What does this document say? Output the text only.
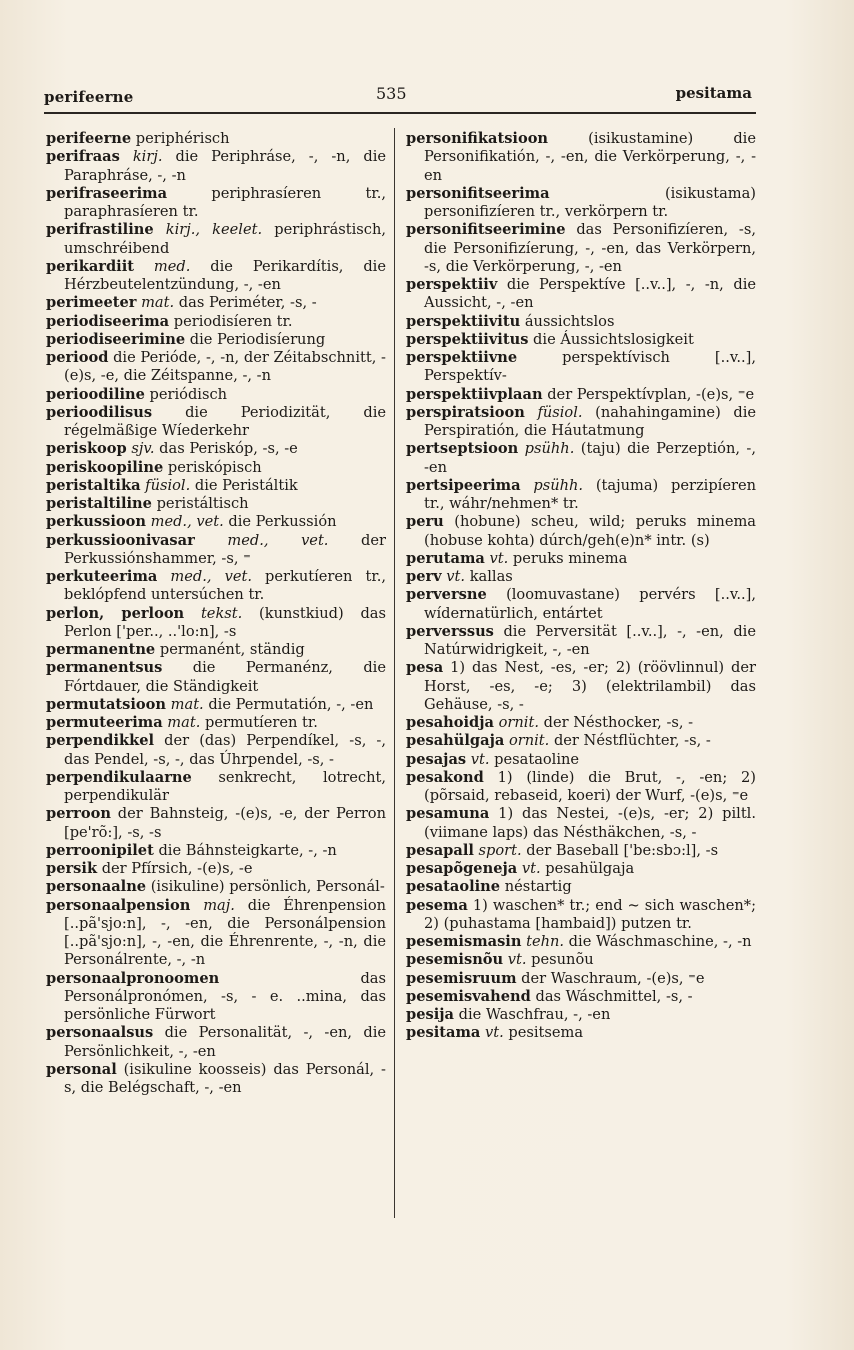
perifeerne	535	pesitama

perifeerne periphérisch

perifraas kirj. die Periphráse, -, -n, die Paraphráse, -, -n

perifraseerima periphrasíeren tr., paraphrasíeren tr.

perifrastiline kirj., keelet. periphrástisch, umschréibend

perikardiit med. die Perikardítis, die Hérzbeutelentzündung, -, -en

perimeeter mat. das Periméter, -s, -

periodiseerima periodisíeren tr.

periodiseerimine die Periodisíerung

periood die Perióde, -, -n, der Zéitabschnitt, -(e)s, -e, die Zéitspanne, -, -n

perioodiline periódisch

perioodilisus die Periodizität, die régelmäßige Wíederkehr

periskoop sjv. das Periskóp, -s, -e

periskoopiline periskópisch

peristaltika füsiol. die Peristáltik

peristaltiline peristáltisch

perkussioon med., vet. die Perkussión

perkussioonivasar med., vet. der Perkussiónshammer, -s, ⁼

perkuteerima med., vet. perkutíeren tr., beklópfend untersúchen tr.

perlon, perloon tekst. (kunstkiud) das Perlon ['per.., ..'lo:n], -s

permanentne permanént, ständig

permanentsus die Permanénz, die Fórtdauer, die Ständigkeit

permutatsioon mat. die Permutatión, -, -en

permuteerima mat. permutíeren tr.

perpendikkel der (das) Perpendíkel, -s, -, das Pendel, -s, -, das Úhrpendel, -s, -

perpendikulaarne senkrecht, lotrecht, perpendikulär

perroon der Bahnsteig, -(e)s, -e, der Perron [pe'rõ:], -s, -s

perroonipilet die Báhnsteigkarte, -, -n

persik der Pfírsich, -(e)s, -e

personaalne (isikuline) persönlich, Personál-

personaalpension maj. die Éhrenpension [..pã'sjo:n], -, -en, die Personálpension [..pã'sjo:n], -, -en, die Éhrenrente, -, -n, die Personálrente, -, -n

personaalpronoomen das Personálpronómen, -s, - e. ..mina, das persönliche Fürwort

personaalsus die Personalität, -, -en, die Persönlichkeit, -, -en

personal (isikuline koosseis) das Personál, -s, die Belégschaft, -, -en

personifikatsioon (isikustamine) die Personifikatión, -, -en, die Verkörperung, -, -en

personifitseerima (isikustama) personifizíeren tr., verkörpern tr.

personifitseerimine das Personifizíeren, -s, die Personifizíerung, -, -en, das Verkörpern, -s, die Verkörperung, -, -en

perspektiiv die Perspektíve [..v..], -, -n, die Aussicht, -, -en

perspektiivitu áussichtslos

perspektiivitus die Áussichtslosigkeit

perspektiivne perspektívisch [..v..], Perspektív-

perspektiivplaan der Perspektívplan, -(e)s, ⁼e

perspiratsioon füsiol. (nahahingamine) die Perspiratión, die Háutatmung

pertseptsioon psühh. (taju) die Perzeptión, -, -en

pertsipeerima psühh. (tajuma) perzipíeren tr., wáhr/nehmen* tr.

peru (hobune) scheu, wild; peruks minema (hobuse kohta) dúrch/geh(e)n* intr. (s)

perutama vt. peruks minema

perv vt. kallas

perversne (loomuvastane) pervérs [..v..], wídernatürlich, entártet

perverssus die Perversität [..v..], -, -en, die Natúrwidrigkeit, -, -en

pesa 1) das Nest, -es, -er; 2) (röövlinnul) der Horst, -es, -e; 3) (elektrilambil) das Gehäuse, -s, -

pesahoidja ornit. der Nésthocker, -s, -

pesahülgaja ornit. der Néstflüchter, -s, -

pesajas vt. pesataoline

pesakond 1) (linde) die Brut, -, -en; 2) (põrsaid, rebaseid, koeri) der Wurf, -(e)s, ⁼e

pesamuna 1) das Nestei, -(e)s, -er; 2) piltl. (viimane laps) das Nésthäkchen, -s, -

pesapall sport. der Baseball ['be:sbɔ:l], -s

pesapõgeneja vt. pesahülgaja

pesataoline néstartig

pesema 1) waschen* tr.; end ~ sich waschen*; 2) (puhastama [hambaid]) putzen tr.

pesemismasin tehn. die Wáschmaschine, -, -n

pesemisnõu vt. pesunõu

pesemisruum der Waschraum, -(e)s, ⁼e

pesemisvahend das Wáschmittel, -s, -

pesija die Waschfrau, -, -en

pesitama vt. pesitsema
